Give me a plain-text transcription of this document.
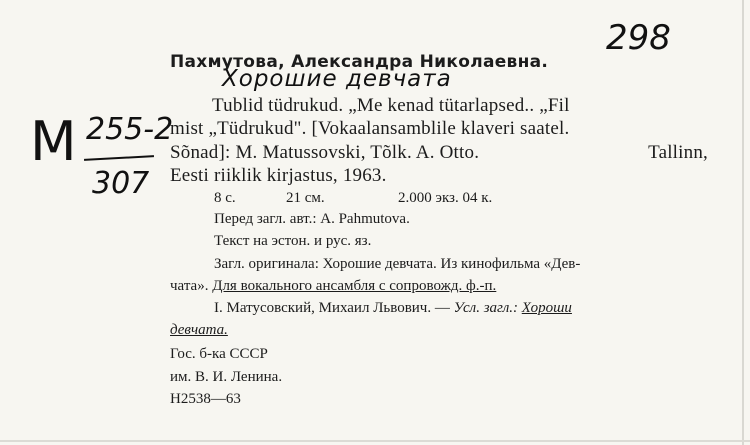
298
M 255-2
307
Пахмутова, Александра Николаевна.
Хорошие девчата
Tublid tüdrukud. „Me kenad tütarlapsed.. „Fil
mist „Tüdrukud". [Vokaalansamblile klaveri saatel.
Sõnad]: M. Matussovski, Tõlk. A. Otto.	Tallinn,
Eesti riiklik kirjastus, 1963.
8 с.	21 см.	2.000 экз. 04 к.
Перед загл. авт.: A. Pahmutova.
Текст на эстон. и рус. яз.
Загл. оригинала: Хорошие девчата. Из кинофильма «Дев-
чата». Для вокального ансамбля с сопровожд. ф.-п.
I. Матусовский, Михаил Львович. — Усл. загл.: Хороши
девчата.
Гос. б-ка СССР
им. В. И. Ленина.
Н2538—63
